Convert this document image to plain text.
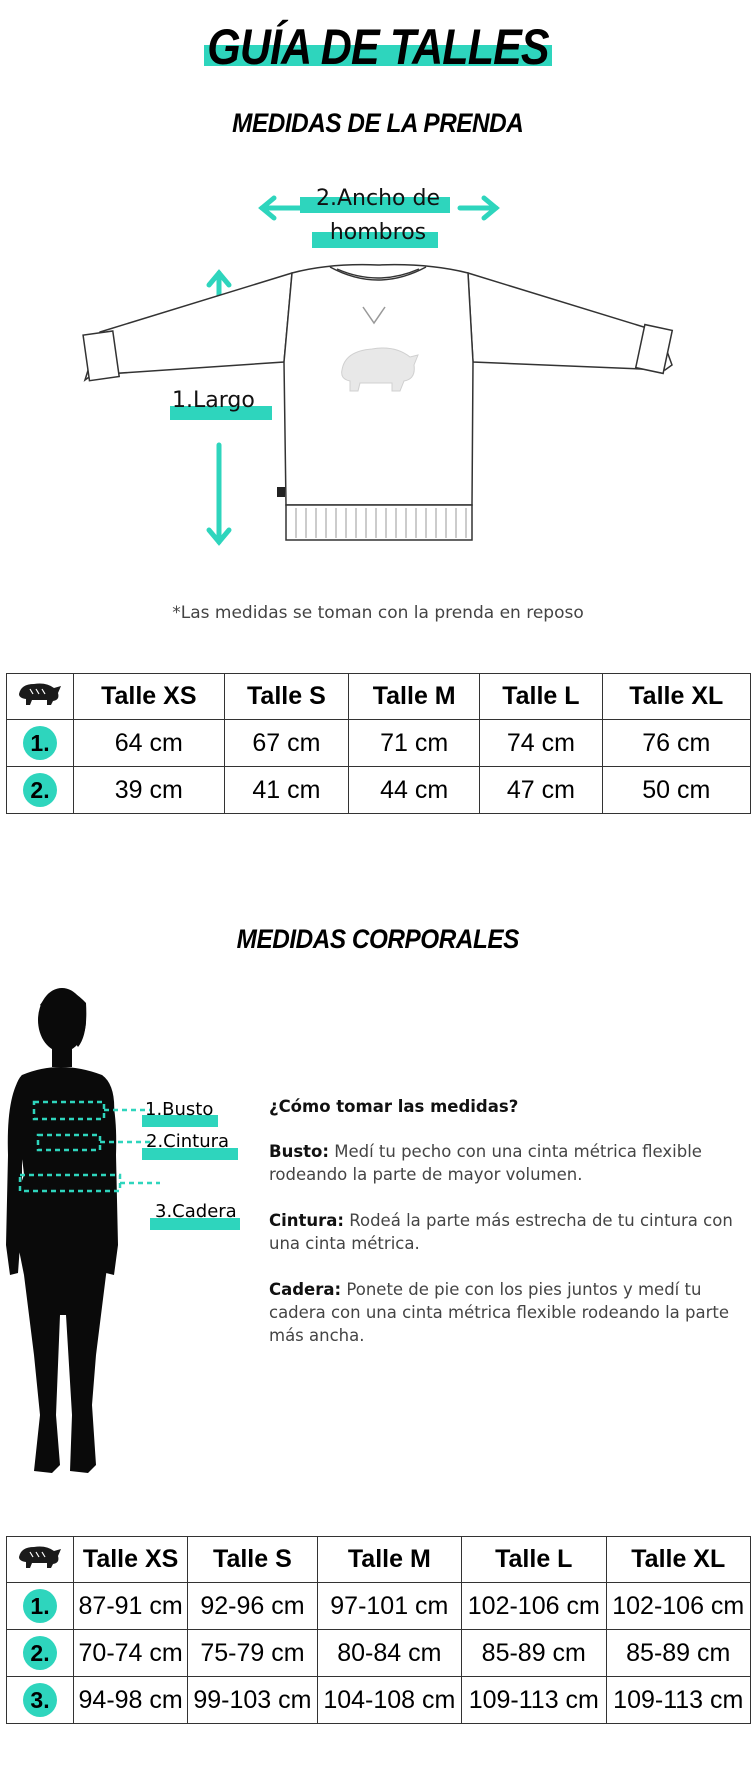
GUÍA DE TALLES
MEDIDAS DE LA PRENDA
2.Ancho de
hombros
1.Largo
*Las medidas se toman con la prenda en reposo
	Talle XS	Talle S	Talle M	Talle L	Talle XL
1.	64 cm	67 cm	71 cm	74 cm	76 cm
2.	39 cm	41 cm	44 cm	47 cm	50 cm
MEDIDAS CORPORALES
1.Busto
2.Cintura
3.Cadera
¿Cómo tomar las medidas?
Busto: Medí tu pecho con una cinta métrica flexible rodeando la parte de mayor volumen.
Cintura: Rodeá la parte más estrecha de tu cintura con una cinta métrica.
Cadera: Ponete de pie con los pies juntos y medí tu cadera con una cinta métrica flexible rodeando la parte más ancha.
	Talle XS	Talle S	Talle M	Talle L	Talle XL
1.	87-91 cm	92-96 cm	97-101 cm	102-106 cm	102-106 cm
2.	70-74 cm	75-79 cm	80-84 cm	85-89 cm	85-89 cm
3.	94-98 cm	99-103 cm	104-108 cm	109-113 cm	109-113 cm
